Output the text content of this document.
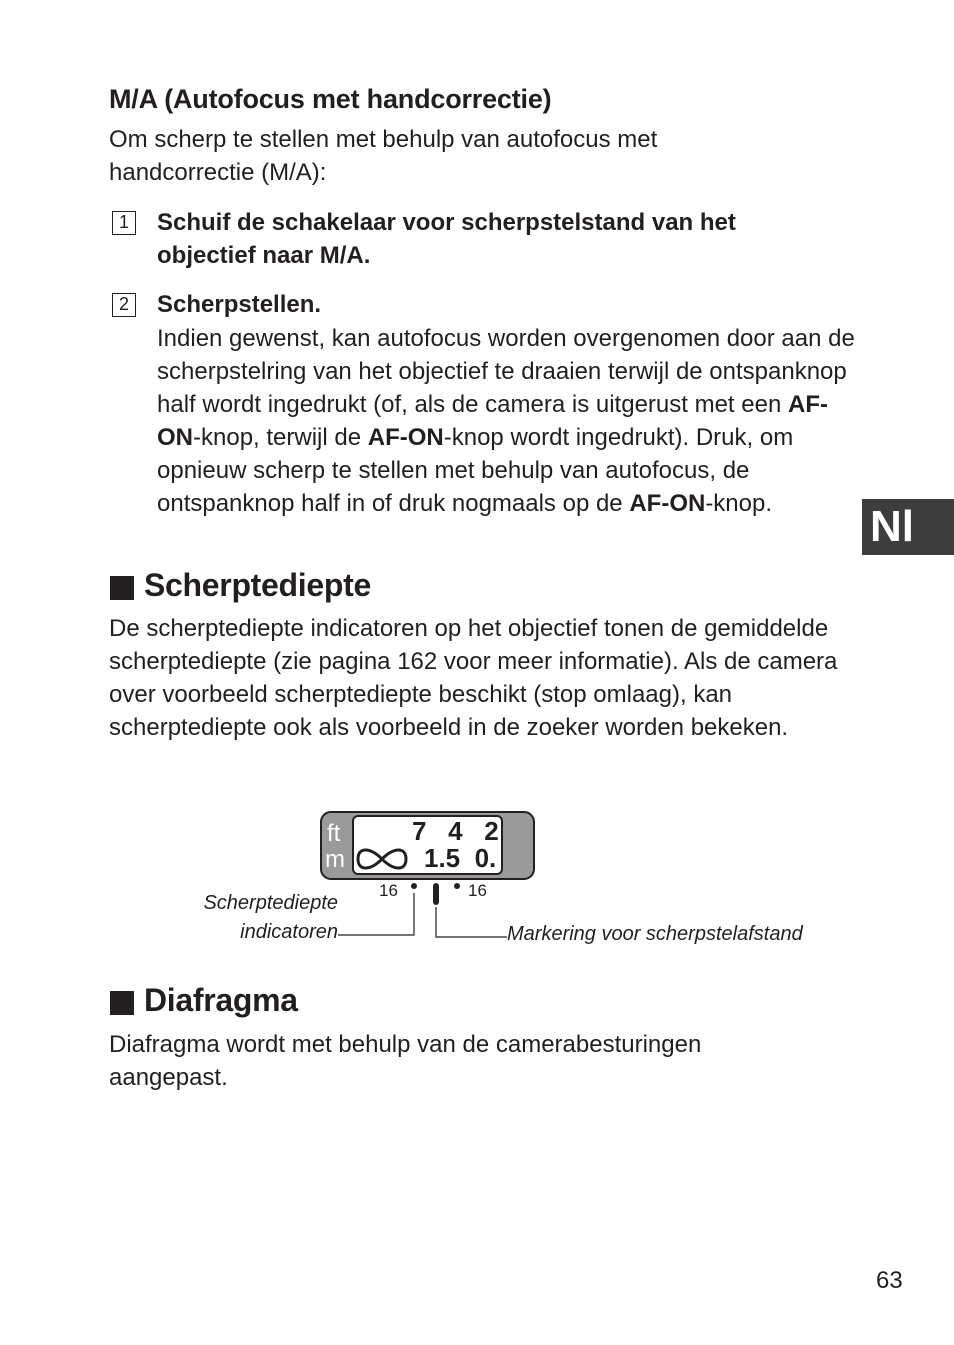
M/A (Autofocus met handcorrectie)
Om scherp te stellen met behulp van autofocus met handcorrectie (M/A):
1 Schuif de schakelaar voor scherpstelstand van het objectief naar M/A.
2 Scherpstellen.
Indien gewenst, kan autofocus worden overgenomen door aan de scherpstelring van het objectief te draaien terwijl de ontspanknop half wordt ingedrukt (of, als de camera is uitgerust met een AF-ON-knop, terwijl de AF-ON-knop wordt ingedrukt). Druk, om opnieuw scherp te stellen met behulp van autofocus, de ontspanknop half in of druk nogmaals op de AF-ON-knop.	Nl
Scherptediepte
De scherptediepte indicatoren op het objectief tonen de gemiddelde scherptediepte (zie pagina 162 voor meer informatie). Als de camera over voorbeeld scherptediepte beschikt (stop omlaag), kan scherptediepte ook als voorbeeld in de zoeker worden bekeken.
ft
m
7   4   2
1.5  0.
16	16
Scherptediepte
indicatoren	Markering voor scherpstelafstand
Diafragma
Diafragma wordt met behulp van de camerabesturingen aangepast.
63
